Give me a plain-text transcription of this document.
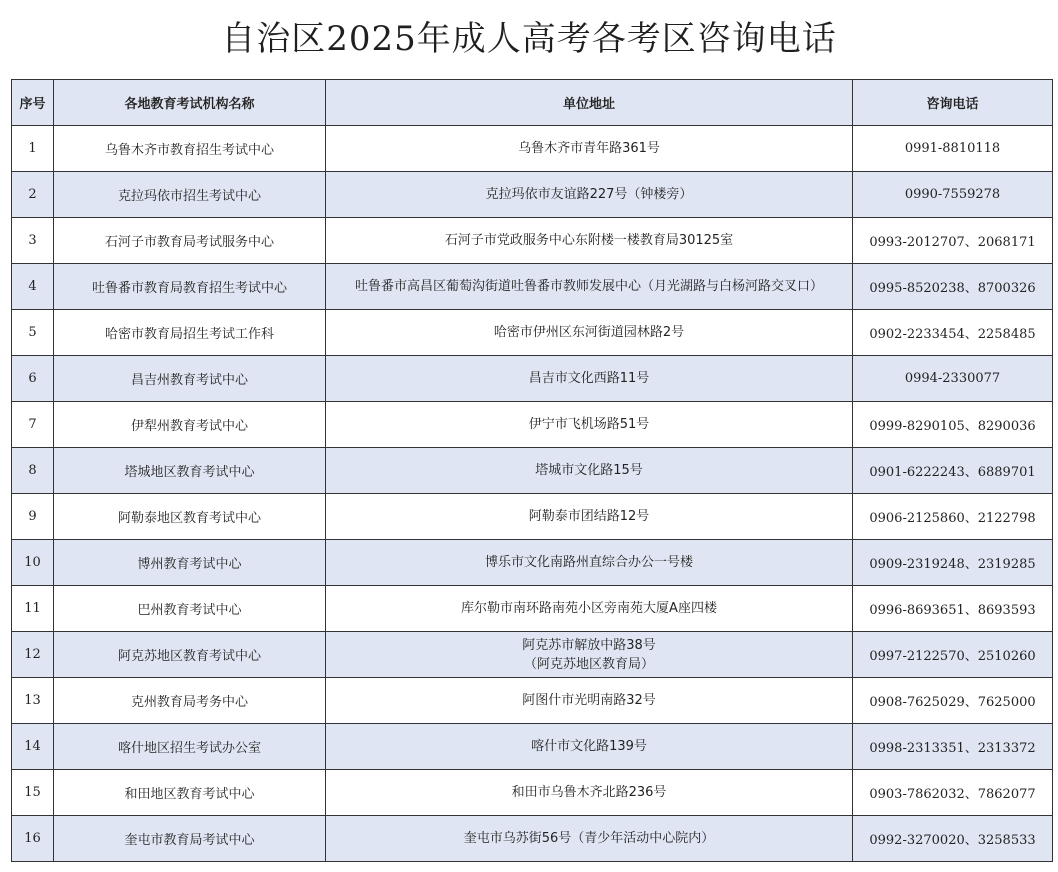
自治区2025年成人高考各考区咨询电话
序号	各地教育考试机构名称	单位地址	咨询电话
1	乌鲁木齐市教育招生考试中心	乌鲁木齐市青年路361号	0991-8810118
2	克拉玛依市招生考试中心	克拉玛依市友谊路227号（钟楼旁）	0990-7559278
3	石河子市教育局考试服务中心	石河子市党政服务中心东附楼一楼教育局30125室	0993-2012707、2068171
4	吐鲁番市教育局教育招生考试中心	吐鲁番市高昌区葡萄沟街道吐鲁番市教师发展中心（月光湖路与白杨河路交叉口）	0995-8520238、8700326
5	哈密市教育局招生考试工作科	哈密市伊州区东河街道园林路2号	0902-2233454、2258485
6	昌吉州教育考试中心	昌吉市文化西路11号	0994-2330077
7	伊犁州教育考试中心	伊宁市飞机场路51号	0999-8290105、8290036
8	塔城地区教育考试中心	塔城市文化路15号	0901-6222243、6889701
9	阿勒泰地区教育考试中心	阿勒泰市团结路12号	0906-2125860、2122798
10	博州教育考试中心	博乐市文化南路州直综合办公一号楼	0909-2319248、2319285
11	巴州教育考试中心	库尔勒市南环路南苑小区旁南苑大厦A座四楼	0996-8693651、8693593
12	阿克苏地区教育考试中心	阿克苏市解放中路38号
（阿克苏地区教育局）	0997-2122570、2510260
13	克州教育局考务中心	阿图什市光明南路32号	0908-7625029、7625000
14	喀什地区招生考试办公室	喀什市文化路139号	0998-2313351、2313372
15	和田地区教育考试中心	和田市乌鲁木齐北路236号	0903-7862032、7862077
16	奎屯市教育局考试中心	奎屯市乌苏街56号（青少年活动中心院内）	0992-3270020、3258533
